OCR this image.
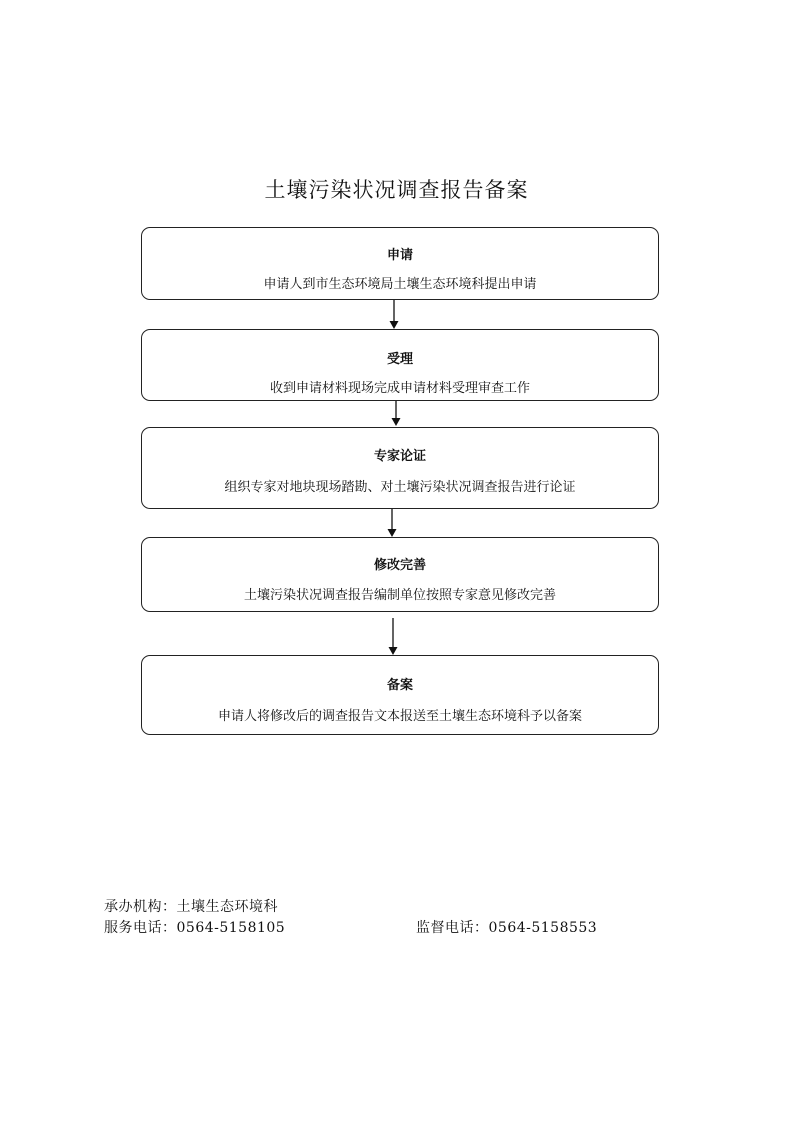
土壤污染状况调查报告备案
申请
申请人到市生态环境局土壤生态环境科提出申请
受理
收到申请材料现场完成申请材料受理审查工作
专家论证
组织专家对地块现场踏勘、对土壤污染状况调查报告进行论证
修改完善
土壤污染状况调查报告编制单位按照专家意见修改完善
备案
申请人将修改后的调查报告文本报送至土壤生态环境科予以备案
承办机构：土壤生态环境科
服务电话：0564-5158105	监督电话：0564-5158553
